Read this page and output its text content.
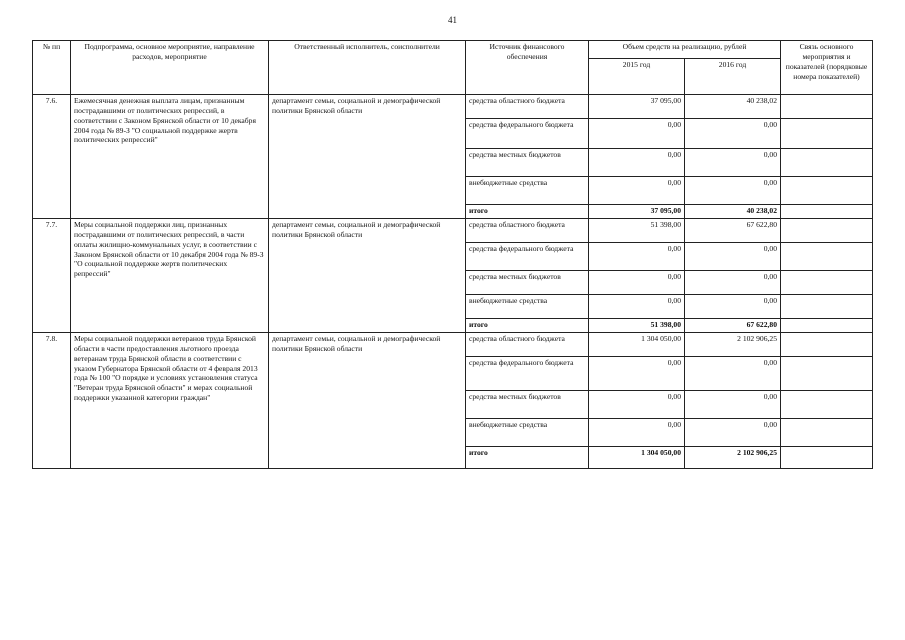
41
№ пп	Подпрограмма, основное мероприятие, направление расходов, мероприятие	Ответственный исполнитель, соисполнители	Источник финансового обеспечения	Объем средств на реализацию, рублей		Связь основного мероприятия и показателей (порядковые номера показателей)
				2015 год	2016 год	
7.6.	Ежемесячная денежная выплата лицам, признанным пострадавшими от политических репрессий, в соответствии с Законом Брянской области от 10 декабря 2004 года № 89-З "О социальной поддержке жертв политических репрессий"	департамент семьи, социальной и демографической политики Брянской области	средства областного бюджета	37 095,00	40 238,02	
			средства федерального бюджета	0,00	0,00	
			средства местных бюджетов	0,00	0,00	
			внебюджетные средства	0,00	0,00	
			итого	37 095,00	40 238,02	
7.7.	Меры социальной поддержки лиц, признанных пострадавшими от политических репрессий, в части оплаты жилищно-коммунальных услуг, в соответствии с Законом Брянской области от 10 декабря 2004 года № 89-З "О социальной поддержке жертв политических репрессий"	департамент семьи, социальной и демографической политики Брянской области	средства областного бюджета	51 398,00	67 622,80	
			средства федерального бюджета	0,00	0,00	
			средства местных бюджетов	0,00	0,00	
			внебюджетные средства	0,00	0,00	
			итого	51 398,00	67 622,80	
7.8.	Меры социальной поддержки ветеранов труда Брянской области в части предоставления льготного проезда ветеранам труда Брянской области в соответствии с указом Губернатора Брянской области от 4 февраля 2013 года № 100 "О порядке и условиях установления статуса "Ветеран труда Брянской области" и мерах социальной поддержки указанной категории граждан"	департамент семьи, социальной и демографической политики Брянской области	средства областного бюджета	1 304 050,00	2 102 906,25	
			средства федерального бюджета	0,00	0,00	
			средства местных бюджетов	0,00	0,00	
			внебюджетные средства	0,00	0,00	
			итого	1 304 050,00	2 102 906,25	
